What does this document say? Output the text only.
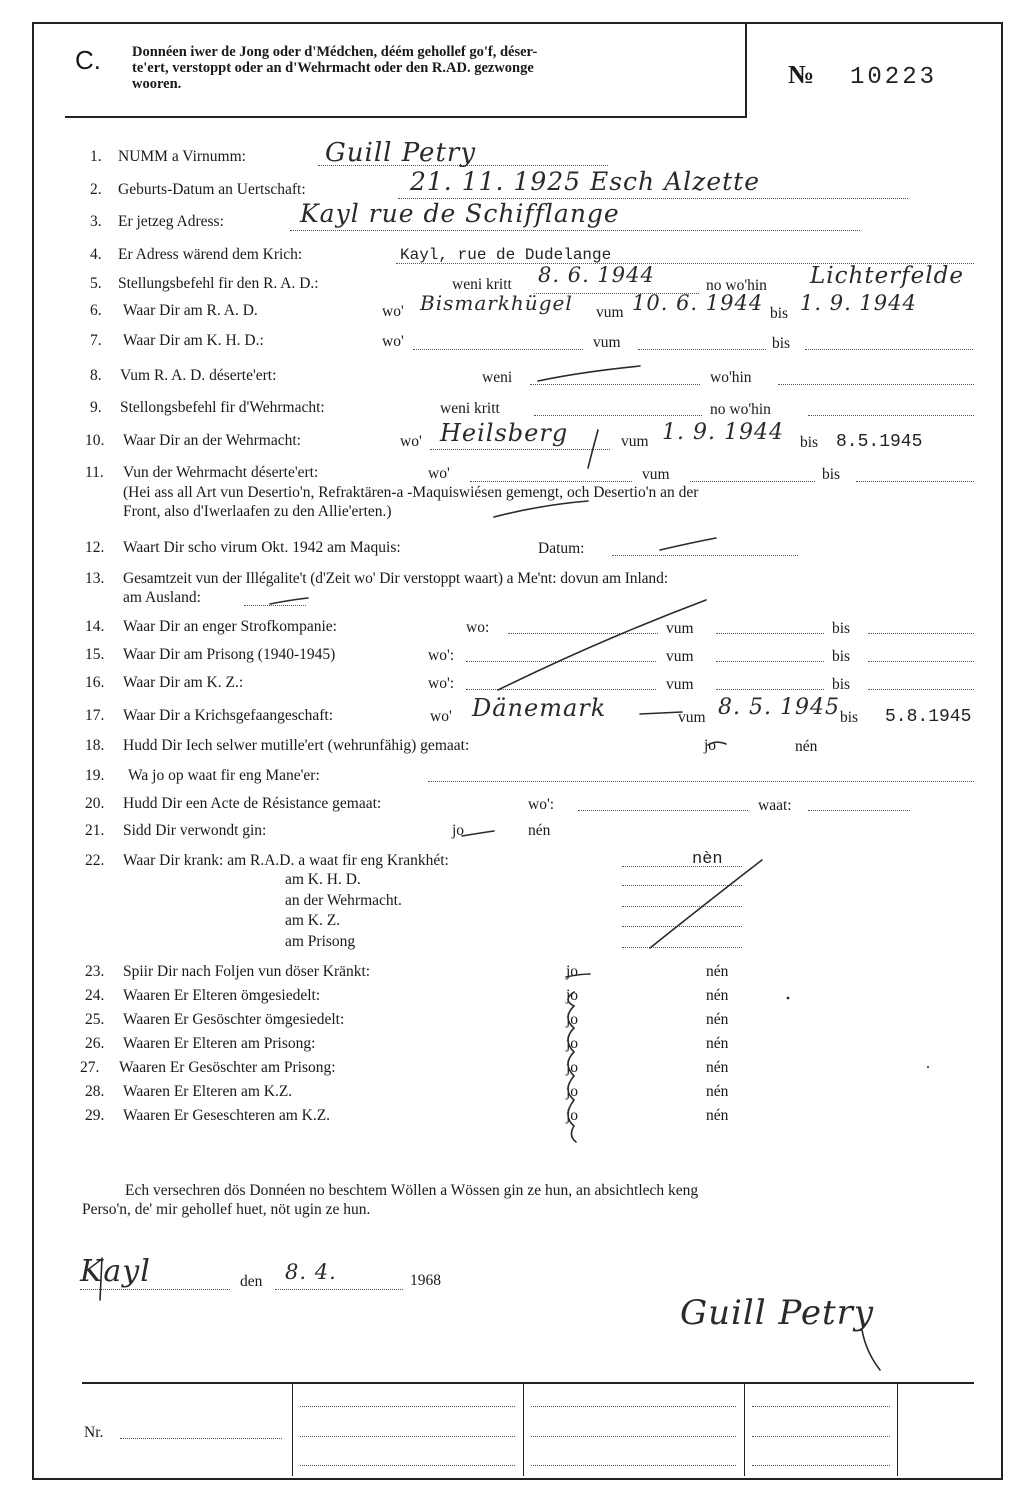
C. Donnéen iwer de Jong oder d'Médchen, déém gehollef go'f, déser-
te'ert, verstoppt oder an d'Wehrmacht oder den R.AD. gezwonge
wooren.	№ 10223
1. NUMM a Virnumm:	Guill Petry
2. Geburts-Datum an Uertschaft:	21. 11. 1925 Esch Alzette
3. Er jetzeg Adress:	Kayl rue de Schifflange
4. Er Adress wärend dem Krich:	Kayl, rue de Dudelange
5. Stellungsbefehl fir den R. A. D.:	weni kritt 8. 6. 1944	no wo'hin Lichterfelde
6. Waar Dir am R. A. D.	wo' Bismarkhügel vum 10. 6. 1944 bis 1. 9. 1944
7. Waar Dir am K. H. D.:	wo'	vum	bis
8. Vum R. A. D. déserte'ert:	weni	wo'hin
9. Stellongsbefehl fir d'Wehrmacht:	weni kritt	no wo'hin
10. Waar Dir an der Wehrmacht:	wo' Heilsberg	vum 1. 9. 1944 bis 8.5.1945
11. Vun der Wehrmacht déserte'ert:	wo'	vum	bis
(Hei ass all Art vun Desertio'n, Refraktären-a -Maquiswiésen gemengt, och Desertio'n an der
Front, also d'Iwerlaafen zu den Allie'erten.)
12. Waart Dir scho virum Okt. 1942 am Maquis:	Datum:
13. Gesamtzeit vun der Illégalite't (d'Zeit wo' Dir verstoppt waart) a Me'nt: dovun am Inland:
am Ausland:
14. Waar Dir an enger Strofkompanie:	wo:	vum	bis
15. Waar Dir am Prisong (1940-1945)	wo':	vum	bis
16. Waar Dir am K. Z.:	wo':	vum	bis
17. Waar Dir a Krichsgefaangeschaft:	wo' Dänemark	vum 8. 5. 1945 bis 5.8.1945
18. Hudd Dir Iech selwer mutille'ert (wehrunfähig) gemaat:	jo	nén
19. Wa jo op waat fir eng Mane'er:
20. Hudd Dir een Acte de Résistance gemaat:	wo':	waat:
21. Sidd Dir verwondt gin:	jo	nén
22. Waar Dir krank: am R.A.D. a waat fir eng Krankhét:	nèn
am K. H. D.
an der Wehrmacht.
am K. Z.
am Prisong
23. Spiir Dir nach Foljen vun döser Kränkt:	jo	nén
24. Waaren Er Elteren ömgesiedelt:	jo	nén
25. Waaren Er Gesöschter ömgesiedelt:	jo	nén
26. Waaren Er Elteren am Prisong:	jo	nén
27. Waaren Er Gesöschter am Prisong:	jo	nén
28. Waaren Er Elteren am K.Z.	jo	nén
29. Waaren Er Geseschteren am K.Z.	jo	nén
Ech versechren dös Donnéen no beschtem Wöllen a Wössen gin ze hun, an absichtlech keng
Perso'n, de' mir gehollef huet, nöt ugin ze hun.
Kayl	den 8. 4.	1968
Guill Petry
Nr.
